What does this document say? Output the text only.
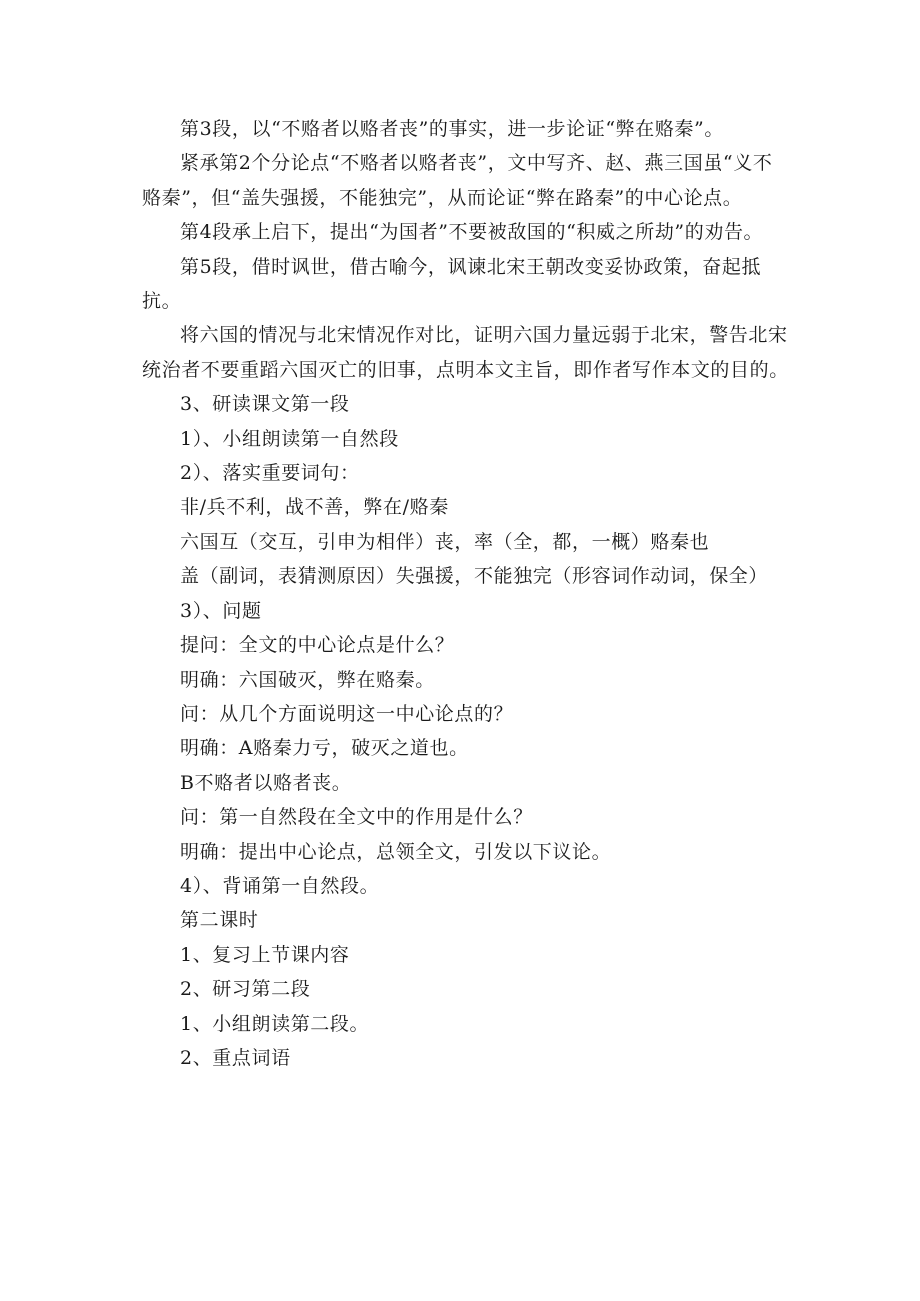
第3段，以“不赂者以赂者丧”的事实，进一步论证“弊在赂秦”。

紧承第2个分论点“不赂者以赂者丧”，文中写齐、赵、燕三国虽“义不赂秦”，但“盖失强援，不能独完”，从而论证“弊在路秦”的中心论点。

第4段承上启下，提出“为国者”不要被敌国的“积威之所劫”的劝告。

第5段，借时讽世，借古喻今，讽谏北宋王朝改变妥协政策，奋起抵抗。

将六国的情况与北宋情况作对比，证明六国力量远弱于北宋，警告北宋统治者不要重蹈六国灭亡的旧事，点明本文主旨，即作者写作本文的目的。

3、研读课文第一段

1）、小组朗读第一自然段

2）、落实重要词句：

非/兵不利，战不善，弊在/赂秦

六国互（交互，引申为相伴）丧，率（全，都，一概）赂秦也

盖（副词，表猜测原因）失强援，不能独完（形容词作动词，保全）

3）、问题

提问：全文的中心论点是什么？

明确：六国破灭，弊在赂秦。

问：从几个方面说明这一中心论点的？

明确：A赂秦力亏，破灭之道也。

B不赂者以赂者丧。

问：第一自然段在全文中的作用是什么？

明确：提出中心论点，总领全文，引发以下议论。

4）、背诵第一自然段。

第二课时

1、复习上节课内容

2、研习第二段

1、小组朗读第二段。

2、重点词语
